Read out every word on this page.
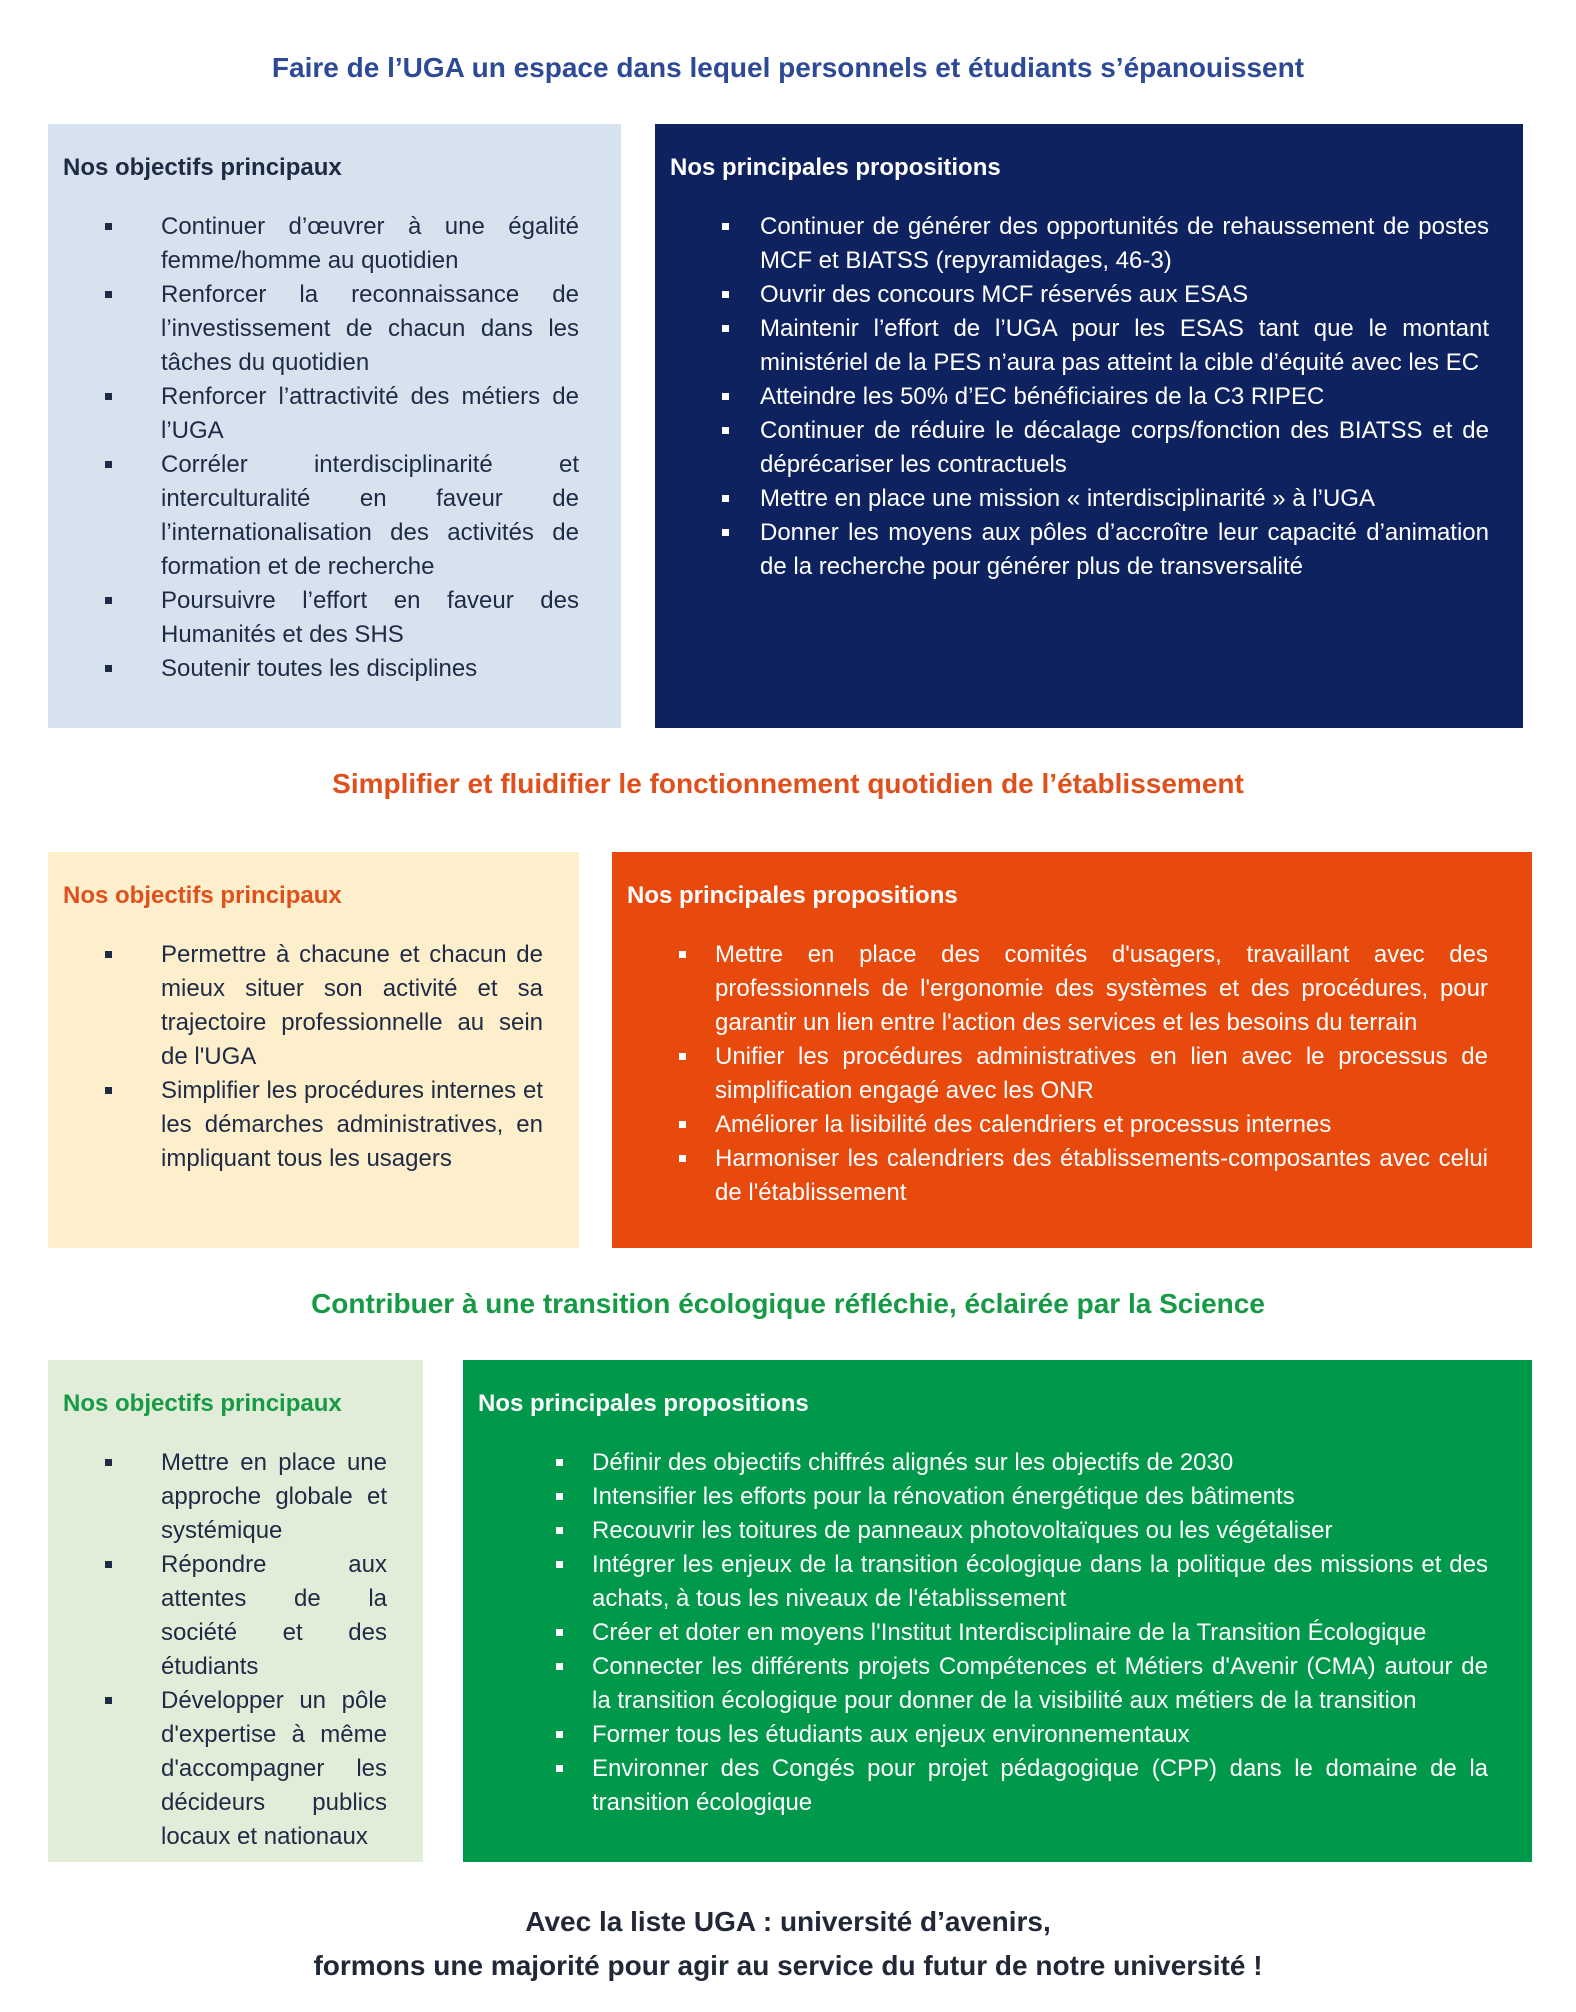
Faire de l’UGA un espace dans lequel personnels et étudiants s’épanouissent

Nos objectifs principaux

Continuer d’œuvrer à une égalité femme/homme au quotidien
Renforcer la reconnaissance de l’investissement de chacun dans les tâches du quotidien
Renforcer l’attractivité des métiers de l’UGA
Corréler interdisciplinarité et interculturalité en faveur de l’internationalisation des activités de formation et de recherche
Poursuivre l’effort en faveur des Humanités et des SHS
Soutenir toutes les disciplines

Nos principales propositions

Continuer de générer des opportunités de rehaussement de postes MCF et BIATSS (repyramidages, 46-3)
Ouvrir des concours MCF réservés aux ESAS
Maintenir l’effort de l’UGA pour les ESAS tant que le montant ministériel de la PES n’aura pas atteint la cible d’équité avec les EC
Atteindre les 50% d’EC bénéficiaires de la C3 RIPEC
Continuer de réduire le décalage corps/fonction des BIATSS et de déprécariser les contractuels
Mettre en place une mission « interdisciplinarité » à l’UGA
Donner les moyens aux pôles d’accroître leur capacité d’animation de la recherche pour générer plus de transversalité
Simplifier et fluidifier le fonctionnement quotidien de l’établissement

Nos objectifs principaux

Permettre à chacune et chacun de mieux situer son activité et sa trajectoire professionnelle au sein de l'UGA
Simplifier les procédures internes et les démarches administratives, en impliquant tous les usagers

Nos principales propositions

Mettre en place des comités d'usagers, travaillant avec des professionnels de l'ergonomie des systèmes et des procédures, pour garantir un lien entre l'action des services et les besoins du terrain
Unifier les procédures administratives en lien avec le processus de simplification engagé avec les ONR
Améliorer la lisibilité des calendriers et processus internes
Harmoniser les calendriers des établissements-composantes avec celui de l'établissement
Contribuer à une transition écologique réfléchie, éclairée par la Science

Nos objectifs principaux

Mettre en place une approche globale et systémique
Répondre aux attentes de la société et des étudiants
Développer un pôle d'expertise à même d'accompagner les décideurs publics locaux et nationaux

Nos principales propositions

Définir des objectifs chiffrés alignés sur les objectifs de 2030
Intensifier les efforts pour la rénovation énergétique des bâtiments
Recouvrir les toitures de panneaux photovoltaïques ou les végétaliser
Intégrer les enjeux de la transition écologique dans la politique des missions et des achats, à tous les niveaux de l'établissement
Créer et doter en moyens l'Institut Interdisciplinaire de la Transition Écologique
Connecter les différents projets Compétences et Métiers d'Avenir (CMA) autour de la transition écologique pour donner de la visibilité aux métiers de la transition
Former tous les étudiants aux enjeux environnementaux
Environner des Congés pour projet pédagogique (CPP) dans le domaine de la transition écologique

Avec la liste UGA : université d’avenirs,

formons une majorité pour agir au service du futur de notre université !
